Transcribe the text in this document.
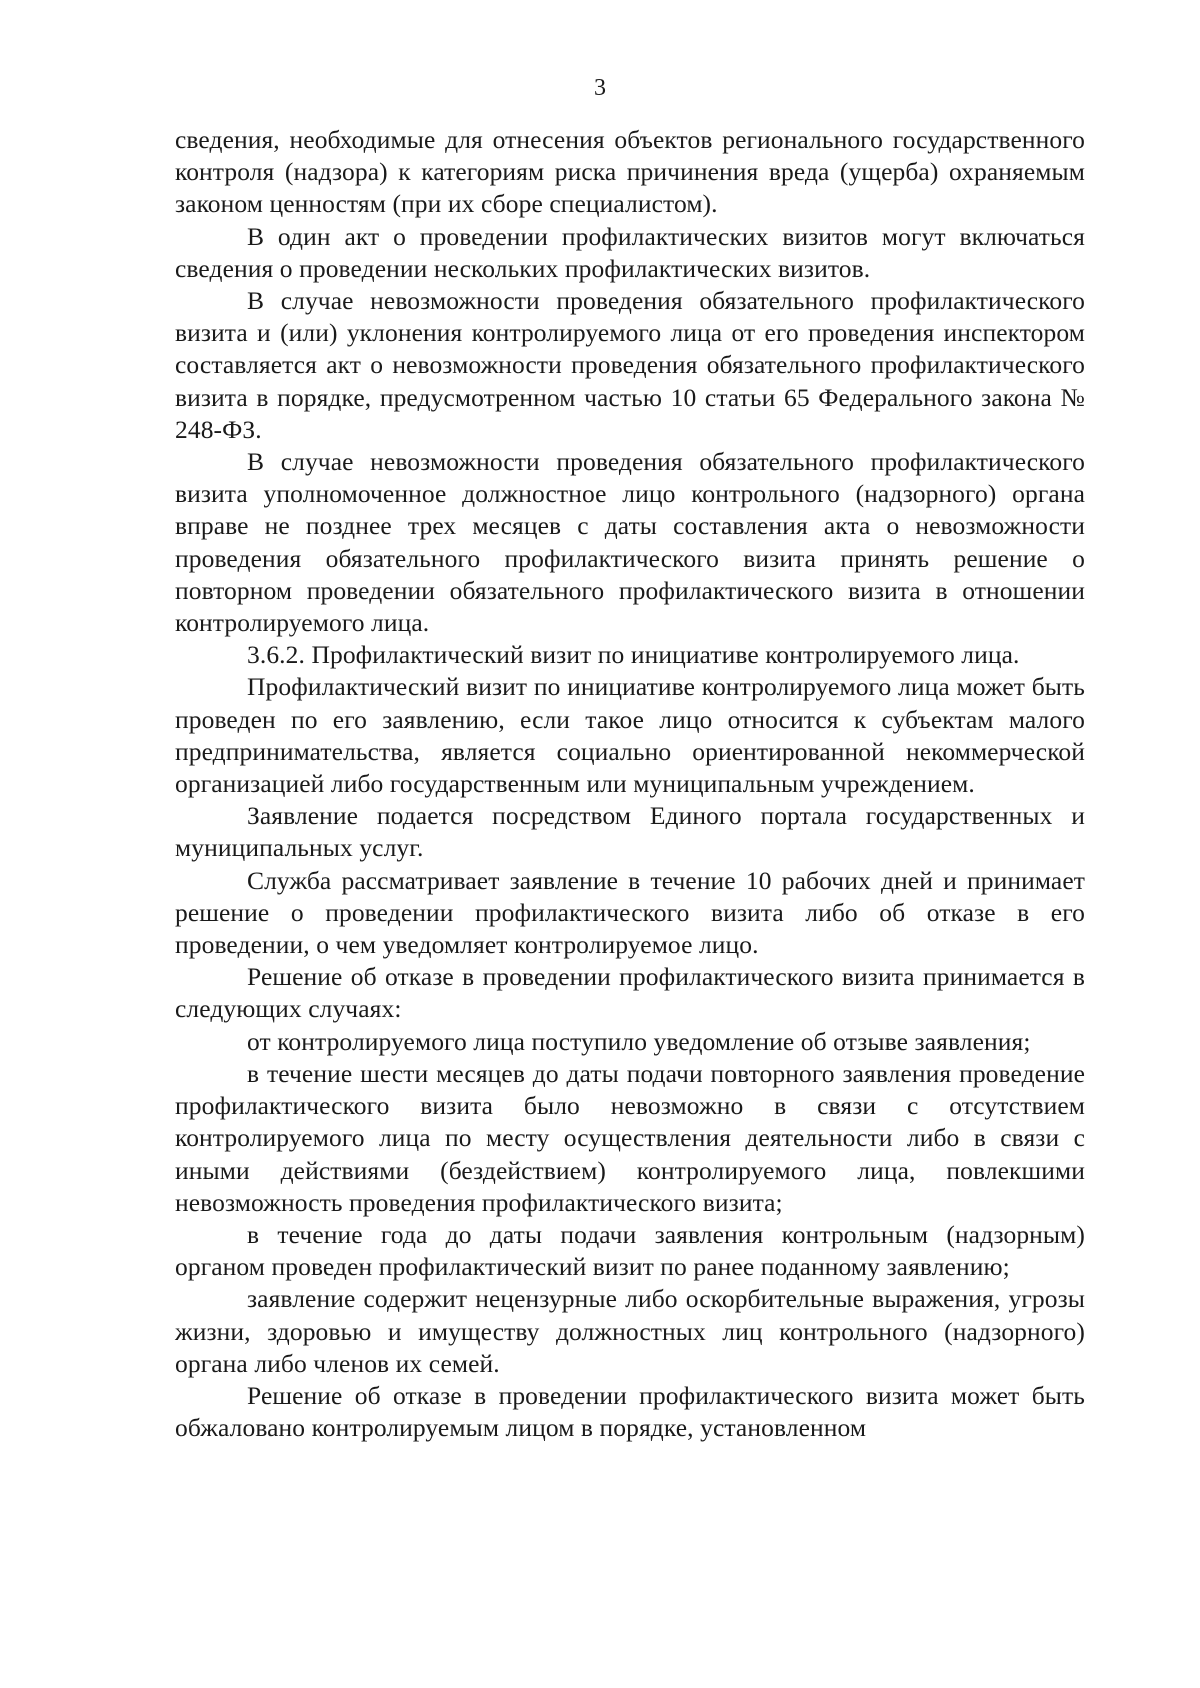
3

сведения, необходимые для отнесения объектов регионального государственного контроля (надзора) к категориям риска причинения вреда (ущерба) охраняемым законом ценностям (при их сборе специалистом).

В один акт о проведении профилактических визитов могут включаться сведения о проведении нескольких профилактических визитов.

В случае невозможности проведения обязательного профилактического визита и (или) уклонения контролируемого лица от его проведения инспектором составляется акт о невозможности проведения обязательного профилактического визита в порядке, предусмотренном частью 10 статьи 65 Федерального закона № 248-ФЗ.

В случае невозможности проведения обязательного профилактического визита уполномоченное должностное лицо контрольного (надзорного) органа вправе не позднее трех месяцев с даты составления акта о невозможности проведения обязательного профилактического визита принять решение о повторном проведении обязательного профилактического визита в отношении контролируемого лица.

3.6.2. Профилактический визит по инициативе контролируемого лица.

Профилактический визит по инициативе контролируемого лица может быть проведен по его заявлению, если такое лицо относится к субъектам малого предпринимательства, является социально ориентированной некоммерческой организацией либо государственным или муниципальным учреждением.

Заявление подается посредством Единого портала государственных и муниципальных услуг.

Служба рассматривает заявление в течение 10 рабочих дней и принимает решение о проведении профилактического визита либо об отказе в его проведении, о чем уведомляет контролируемое лицо.

Решение об отказе в проведении профилактического визита принимается в следующих случаях:

от контролируемого лица поступило уведомление об отзыве заявления;

в течение шести месяцев до даты подачи повторного заявления проведение профилактического визита было невозможно в связи с отсутствием контролируемого лица по месту осуществления деятельности либо в связи с иными действиями (бездействием) контролируемого лица, повлекшими невозможность проведения профилактического визита;

в течение года до даты подачи заявления контрольным (надзорным) органом проведен профилактический визит по ранее поданному заявлению;

заявление содержит нецензурные либо оскорбительные выражения, угрозы жизни, здоровью и имуществу должностных лиц контрольного (надзорного) органа либо членов их семей.

Решение об отказе в проведении профилактического визита может быть обжаловано контролируемым лицом в порядке, установленном
